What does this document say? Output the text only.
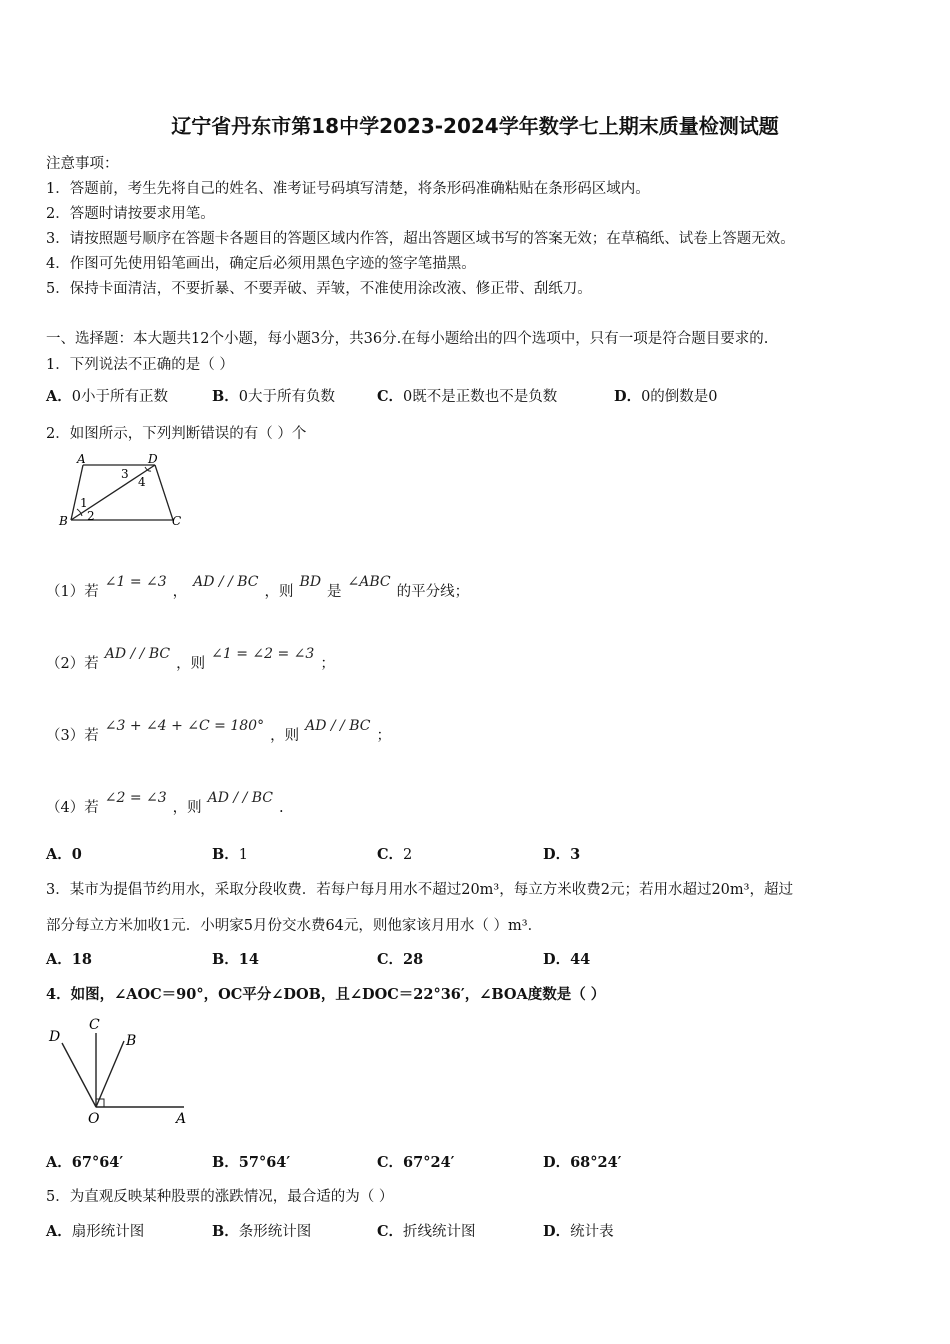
辽宁省丹东市第18中学2023-2024学年数学七上期末质量检测试题
注意事项：
1．答题前，考生先将自己的姓名、准考证号码填写清楚，将条形码准确粘贴在条形码区域内。
2．答题时请按要求用笔。
3．请按照题号顺序在答题卡各题目的答题区域内作答，超出答题区域书写的答案无效；在草稿纸、试卷上答题无效。
4．作图可先使用铅笔画出，确定后必须用黑色字迹的签字笔描黑。
5．保持卡面清洁，不要折暴、不要弄破、弄皱，不准使用涂改液、修正带、刮纸刀。
一、选择题：本大题共12个小题，每小题3分，共36分.在每小题给出的四个选项中，只有一项是符合题目要求的.
1．下列说法不正确的是（ ）
A．0小于所有正数	B．0大于所有负数	C．0既不是正数也不是负数	D．0的倒数是0
2．如图所示，下列判断错误的有（ ）个
A	D
B	C
1
2
3
4
（1）若∠1 = ∠3，AD / / BC，则BD是∠ABC的平分线；
（2）若AD / / BC，则∠1 = ∠2 = ∠3；
（3）若∠3 + ∠4 + ∠C = 180°，则AD / / BC；
（4）若∠2 = ∠3，则AD / / BC.
A．0	B．1	C．2	D．3
3．某市为提倡节约用水，采取分段收费．若每户每月用水不超过20m³，每立方米收费2元；若用水超过20m³，超过
部分每立方米加收1元．小明家5月份交水费64元，则他家该月用水（ ）m³．
A．18	B．14	C．28	D．44
4．如图，∠AOC＝90°，OC平分∠DOB，且∠DOC＝22°36′，∠BOA度数是（ ）
D
C
B
O	A
A．67°64′	B．57°64′	C．67°24′	D．68°24′
5．为直观反映某种股票的涨跌情况，最合适的为（ ）
A．扇形统计图	B．条形统计图	C．折线统计图	D．统计表
